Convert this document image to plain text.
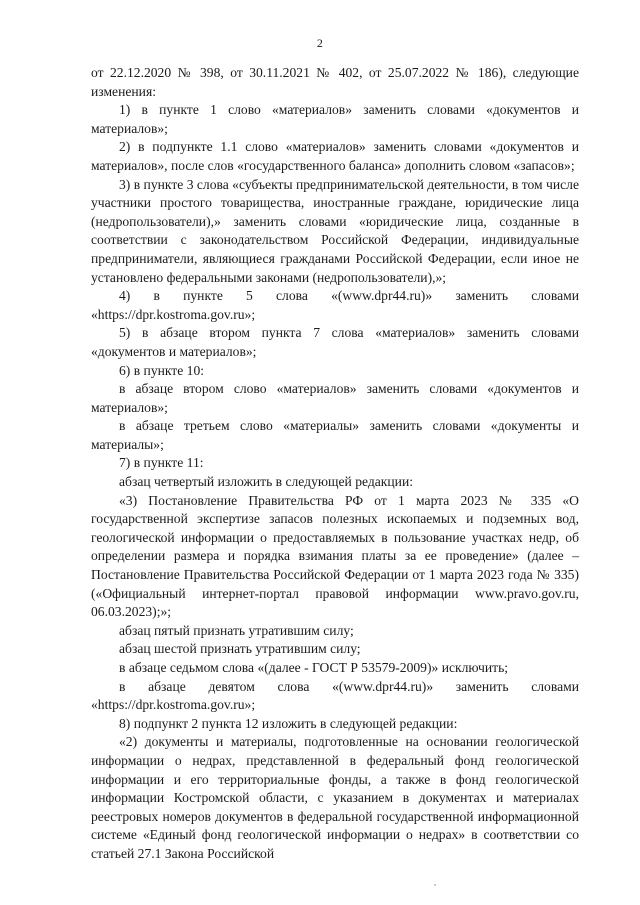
2

от 22.12.2020 № 398, от 30.11.2021 № 402, от 25.07.2022 № 186), следующие изменения:

1) в пункте 1 слово «материалов» заменить словами «документов и материалов»;

2) в подпункте 1.1 слово «материалов» заменить словами «документов и материалов», после слов «государственного баланса» дополнить словом «запасов»;

3) в пункте 3 слова «субъекты предпринимательской деятельности, в том числе участники простого товарищества, иностранные граждане, юридические лица (недропользователи),» заменить словами «юридические лица, созданные в соответствии с законодательством Российской Федерации, индивидуальные предприниматели, являющиеся гражданами Российской Федерации, если иное не установлено федеральными законами (недропользователи),»;

4) в пункте 5 слова «(www.dpr44.ru)» заменить словами «https://dpr.kostroma.gov.ru»;

5) в абзаце втором пункта 7 слова «материалов» заменить словами «документов и материалов»;

6) в пункте 10:

в абзаце втором слово «материалов» заменить словами «документов и материалов»;

в абзаце третьем слово «материалы» заменить словами «документы и материалы»;

7) в пункте 11:

абзац четвертый изложить в следующей редакции:

«3) Постановление Правительства РФ от 1 марта 2023 № 335 «О государственной экспертизе запасов полезных ископаемых и подземных вод, геологической информации о предоставляемых в пользование участках недр, об определении размера и порядка взимания платы за ее проведение» (далее – Постановление Правительства Российской Федерации от 1 марта 2023 года № 335) («Официальный интернет-портал правовой информации www.pravo.gov.ru, 06.03.2023);»;

абзац пятый признать утратившим силу;

абзац шестой признать утратившим силу;

в абзаце седьмом слова «(далее - ГОСТ Р 53579-2009)» исключить;

в абзаце девятом слова «(www.dpr44.ru)» заменить словами «https://dpr.kostroma.gov.ru»;

8) подпункт 2 пункта 12 изложить в следующей редакции:

«2) документы и материалы, подготовленные на основании геологической информации о недрах, представленной в федеральный фонд геологической информации и его территориальные фонды, а также в фонд геологической информации Костромской области, с указанием в документах и материалах реестровых номеров документов в федеральной государственной информационной системе «Единый фонд геологической информации о недрах» в соответствии со статьей 27.1 Закона Российской
